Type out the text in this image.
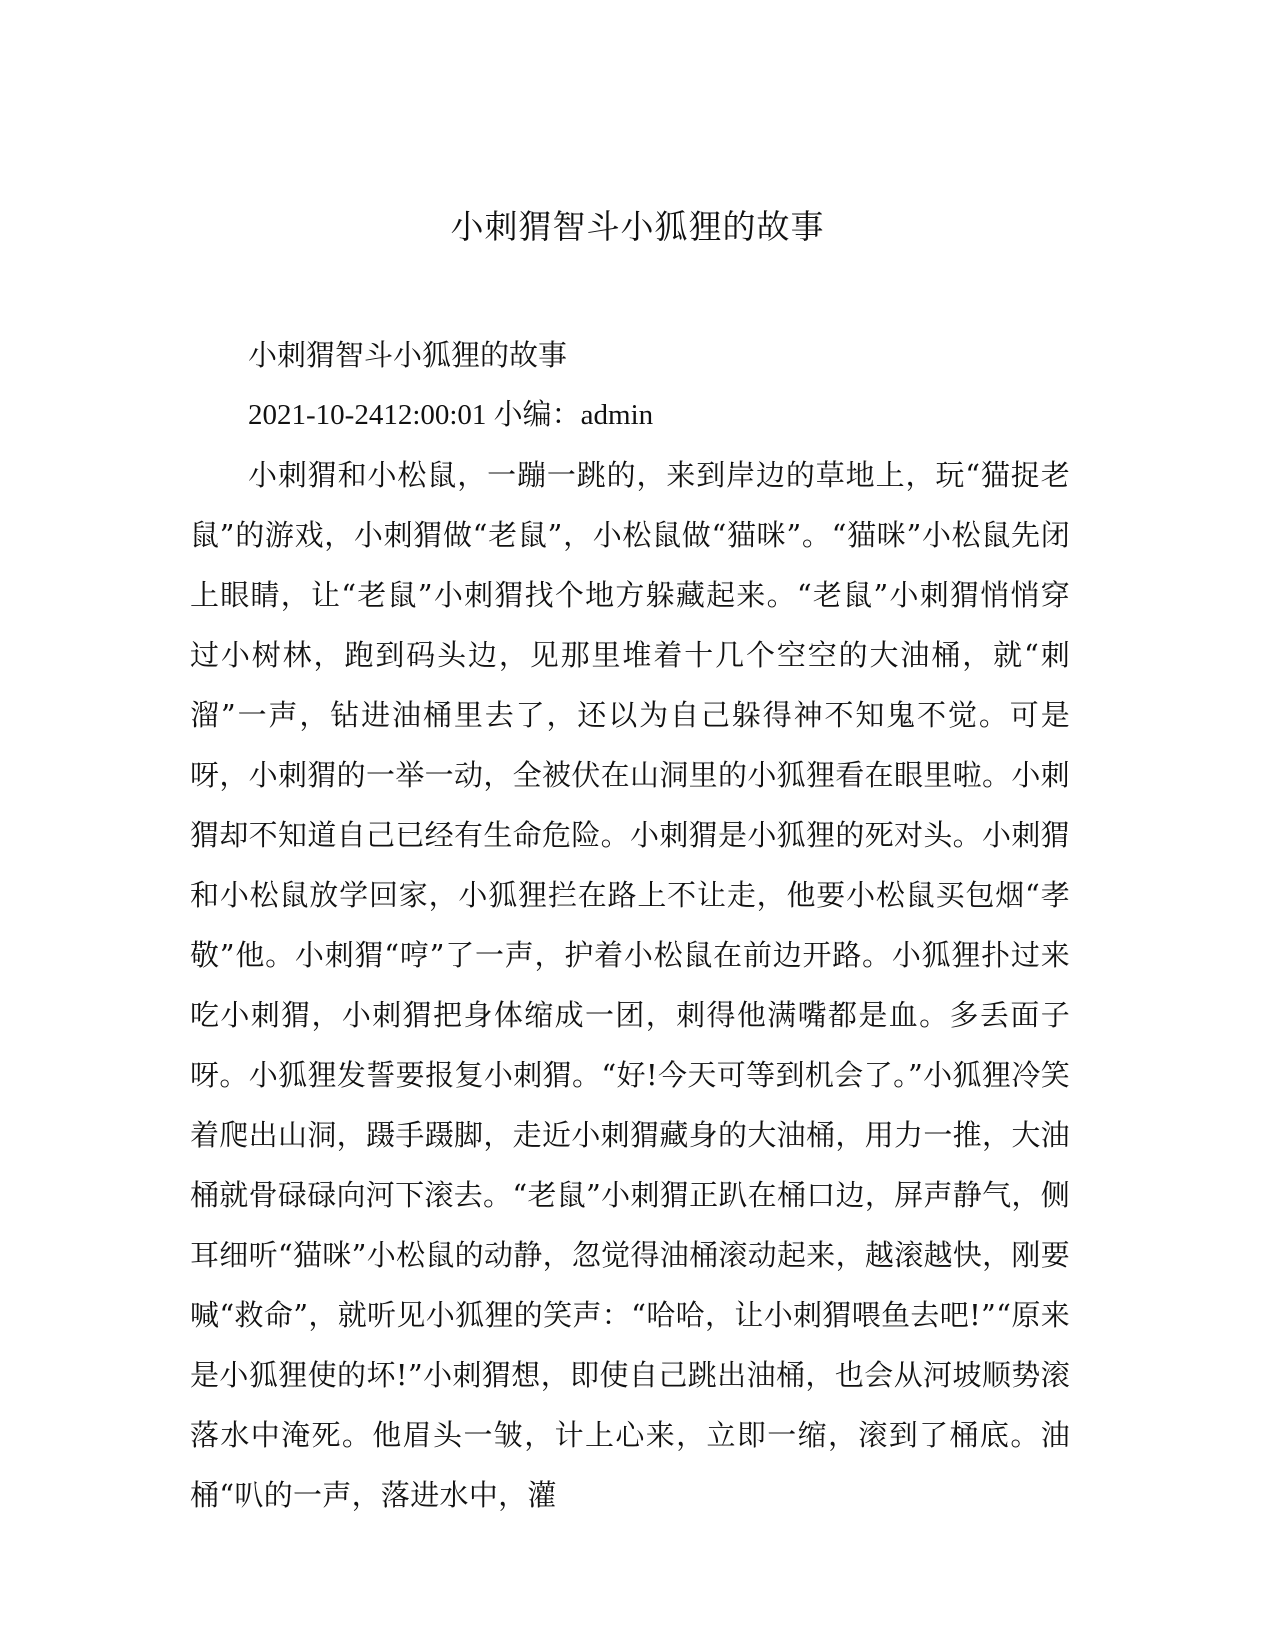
小刺猬智斗小狐狸的故事

小刺猬智斗小狐狸的故事

2021-10-2412:00:01 小编：admin

小刺猬和小松鼠，一蹦一跳的，来到岸边的草地上，玩“猫捉老鼠”的游戏，小刺猬做“老鼠”，小松鼠做“猫咪”。“猫咪”小松鼠先闭上眼睛，让“老鼠”小刺猬找个地方躲藏起来。“老鼠”小刺猬悄悄穿过小树林，跑到码头边，见那里堆着十几个空空的大油桶，就“刺溜”一声，钻进油桶里去了，还以为自己躲得神不知鬼不觉。可是呀，小刺猬的一举一动，全被伏在山洞里的小狐狸看在眼里啦。小刺猬却不知道自己已经有生命危险。小刺猬是小狐狸的死对头。小刺猬和小松鼠放学回家，小狐狸拦在路上不让走，他要小松鼠买包烟“孝敬”他。小刺猬“哼”了一声，护着小松鼠在前边开路。小狐狸扑过来吃小刺猬，小刺猬把身体缩成一团，刺得他满嘴都是血。多丢面子呀。小狐狸发誓要报复小刺猬。“好!今天可等到机会了。”小狐狸冷笑着爬出山洞，蹑手蹑脚，走近小刺猬藏身的大油桶，用力一推，大油桶就骨碌碌向河下滚去。“老鼠”小刺猬正趴在桶口边，屏声静气，侧耳细听“猫咪”小松鼠的动静，忽觉得油桶滚动起来，越滚越快，刚要喊“救命”，就听见小狐狸的笑声：“哈哈，让小刺猬喂鱼去吧!”“原来是小狐狸使的坏!”小刺猬想，即使自己跳出油桶，也会从河坡顺势滚落水中淹死。他眉头一皱，计上心来，立即一缩，滚到了桶底。油桶“叭的一声，落进水中，灌
